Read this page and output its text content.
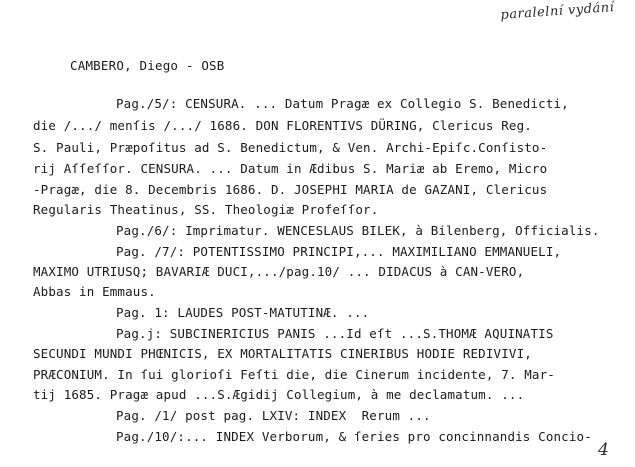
paralelní vydání
CAMBERO, Diego - OSB
Pag./5/: CENSURA. ... Datum Pragæ ex Collegio S. Benedicti,
die /.../ menſis /.../ 1686. DON FLORENTIVS DÜRING, Clericus Reg.
S. Pauli, Præpoſitus ad S. Benedictum, & Ven. Archi-Epiſc.Conſisto-
rij Aſſeſſor. CENSURA. ... Datum in Ædibus S. Mariæ ab Eremo, Micro
-Pragæ, die 8. Decembris 1686. D. JOSEPHI MARIA de GAZANI, Clericus
Regularis Theatinus, SS. Theologiæ Profeſſor.
Pag./6/: Imprimatur. WENCESLAUS BILEK, à Bilenberg, Officialis.
Pag. /7/: POTENTISSIMO PRINCIPI,... MAXIMILIANO EMMANUELI,
MAXIMO UTRIUSQ; BAVARIÆ DUCI,.../pag.10/ ... DIDACUS à CAN-VERO,
Abbas in Emmaus.
Pag. 1: LAUDES POST-MATUTINÆ. ...
Pag.j: SUBCINERICIUS PANIS ...Id eſt ...S.THOMÆ AQUINATIS
SECUNDI MUNDI PHŒNICIS, EX MORTALITATIS CINERIBUS HODIE REDIVIVI,
PRÆCONIUM. In ſui glorioſi Feſti die, die Cinerum incidente, 7. Mar-
tij 1685. Pragæ apud ...S.Ægidij Collegium, à me declamatum. ...
Pag. /1/ post pag. LXIV: INDEX  Rerum ...
Pag./10/:... INDEX Verborum, & ſeries pro concinnandis Concio-
4
